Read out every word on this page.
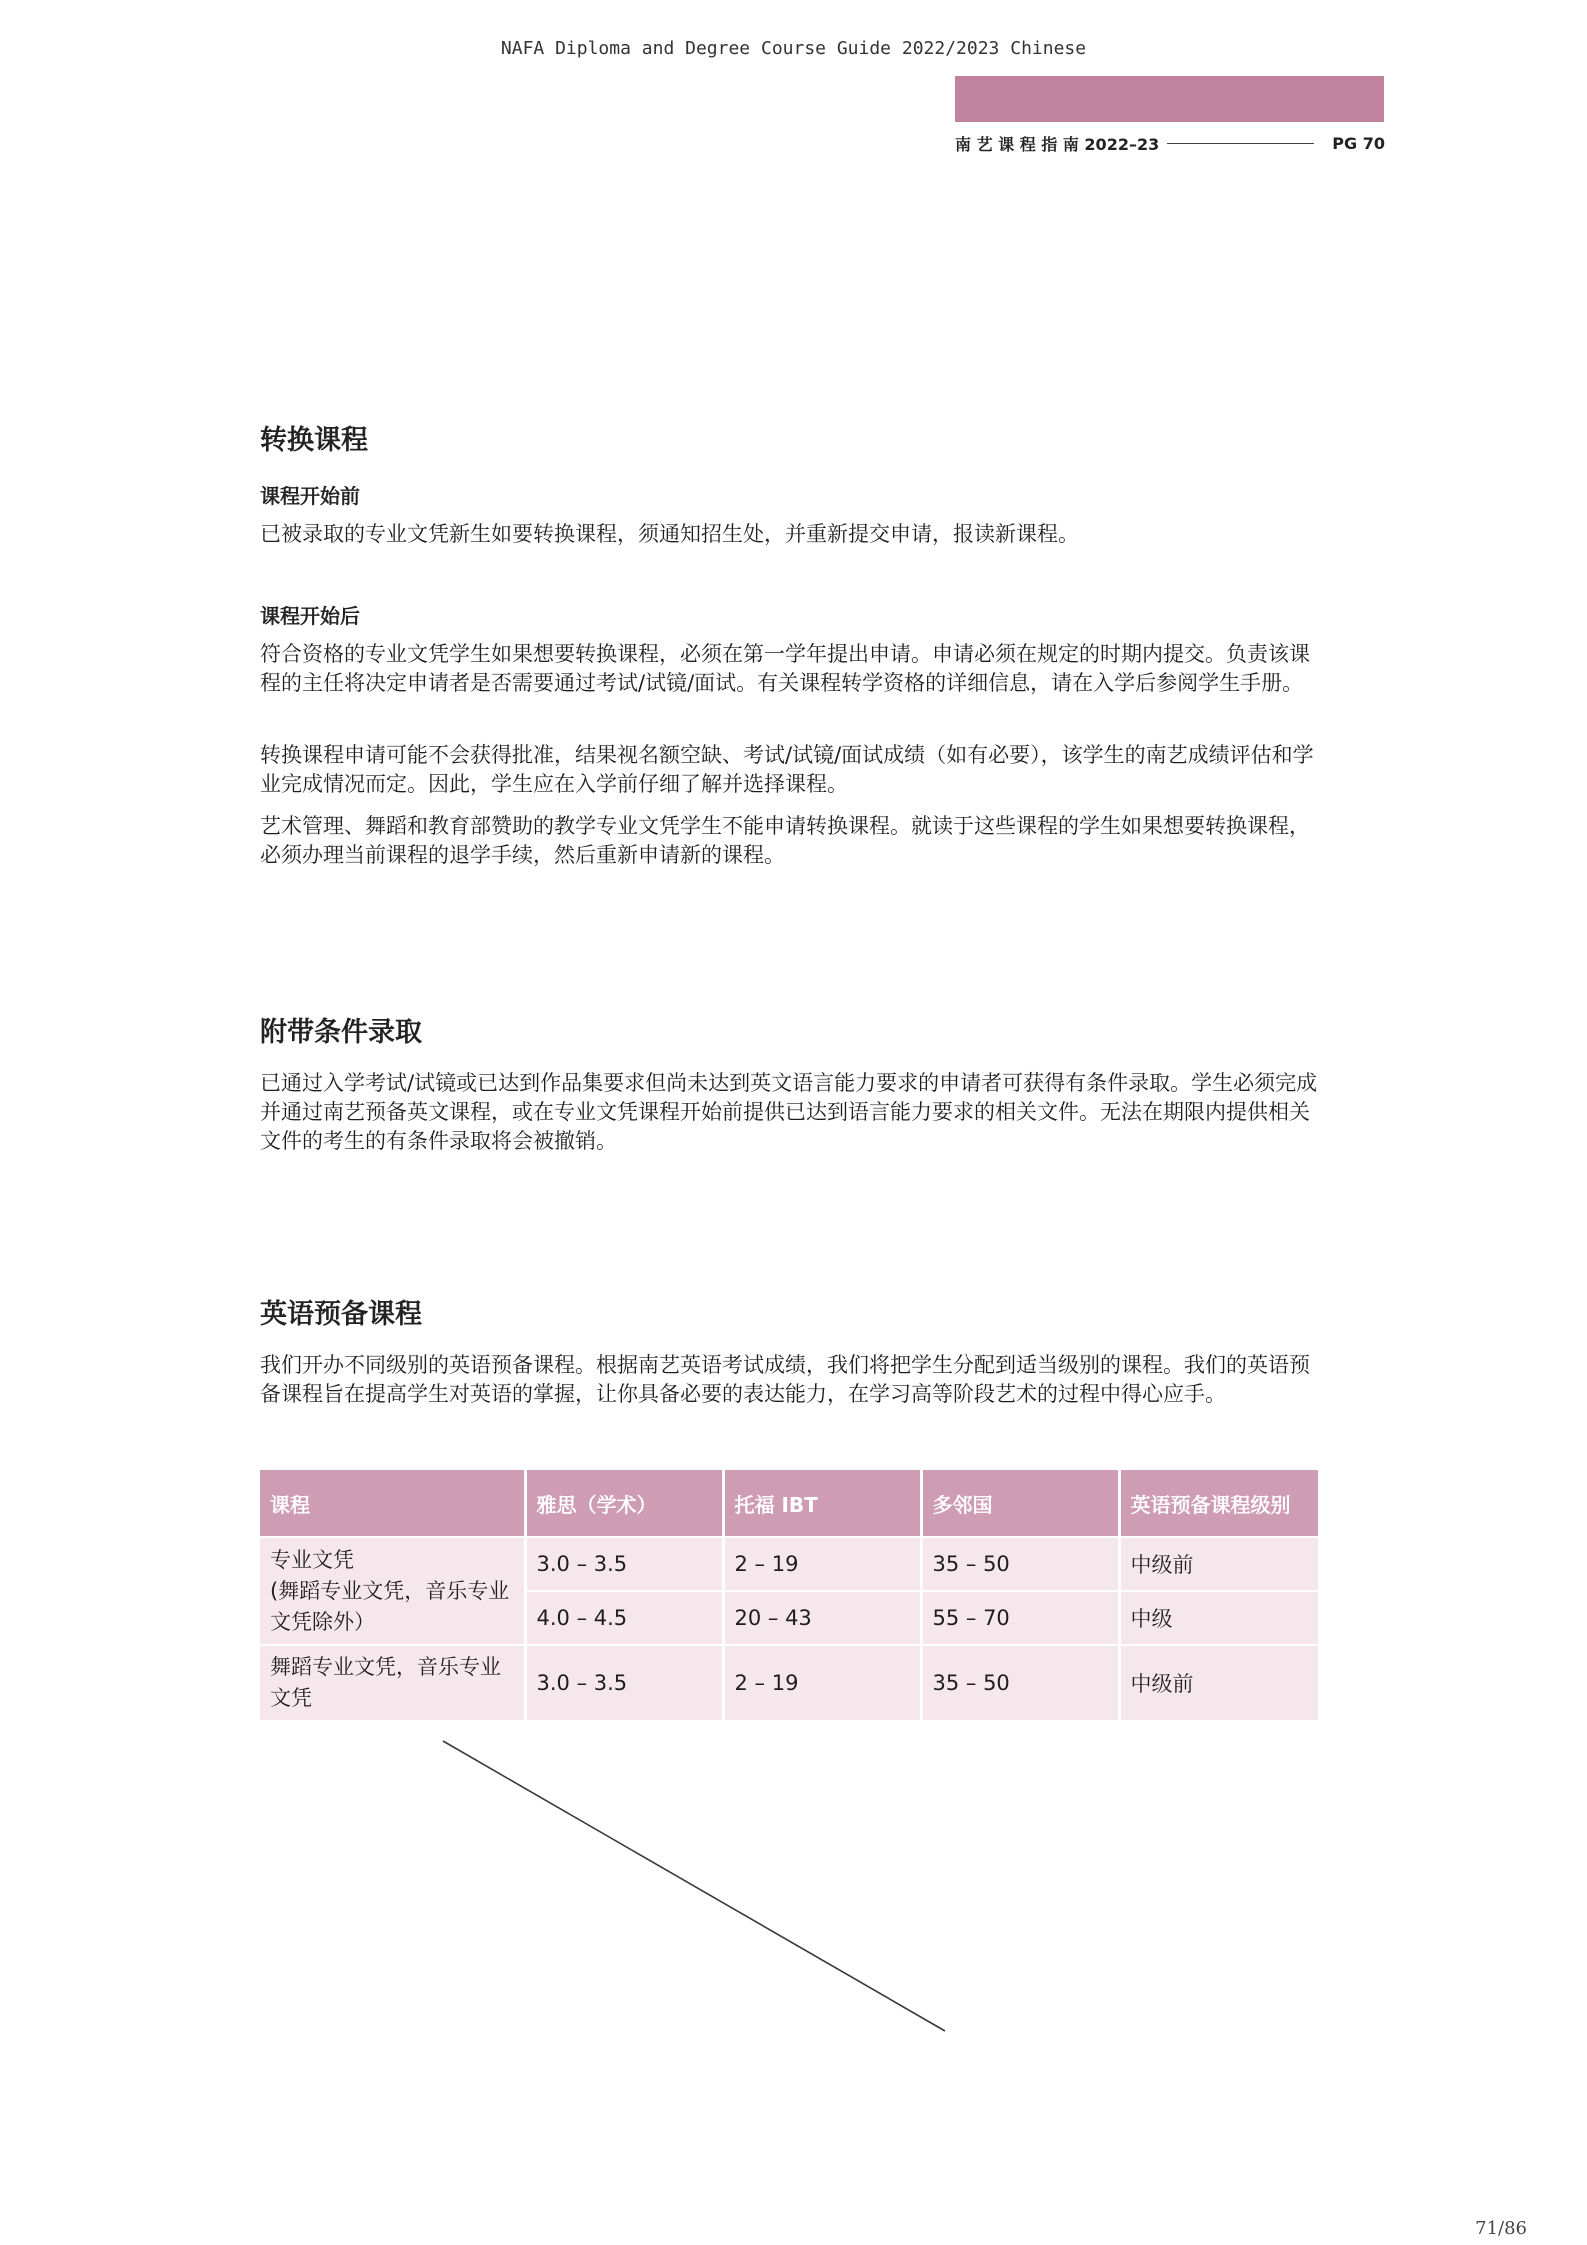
NAFA Diploma and Degree Course Guide 2022/2023 Chinese
南 艺 课 程 指 南 2022–23	PG 70
转换课程
课程开始前

已被录取的专业文凭新生如要转换课程，须通知招生处，并重新提交申请，报读新课程。

课程开始后

符合资格的专业文凭学生如果想要转换课程，必须在第一学年提出申请。申请必须在规定的时期内提交。负责该课程的主任将决定申请者是否需要通过考试/试镜/面试。有关课程转学资格的详细信息，请在入学后参阅学生手册。

转换课程申请可能不会获得批准，结果视名额空缺、考试/试镜/面试成绩（如有必要），该学生的南艺成绩评估和学业完成情况而定。因此，学生应在入学前仔细了解并选择课程。

艺术管理、舞蹈和教育部赞助的教学专业文凭学生不能申请转换课程。就读于这些课程的学生如果想要转换课程，必须办理当前课程的退学手续，然后重新申请新的课程。

附带条件录取

已通过入学考试/试镜或已达到作品集要求但尚未达到英文语言能力要求的申请者可获得有条件录取。学生必须完成并通过南艺预备英文课程，或在专业文凭课程开始前提供已达到语言能力要求的相关文件。无法在期限内提供相关文件的考生的有条件录取将会被撤销。

英语预备课程

我们开办不同级别的英语预备课程。根据南艺英语考试成绩，我们将把学生分配到适当级别的课程。我们的英语预备课程旨在提高学生对英语的掌握，让你具备必要的表达能力，在学习高等阶段艺术的过程中得心应手。

课程	雅思（学术）	托福 IBT	多邻国	英语预备课程级别
专业文凭
(舞蹈专业文凭，音乐专业文凭除外）	3.0 – 3.5	2 – 19	35 – 50	中级前
	4.0 – 4.5	20 – 43	55 – 70	中级
舞蹈专业文凭，音乐专业文凭	3.0 – 3.5	2 – 19	35 – 50	中级前
71/86
